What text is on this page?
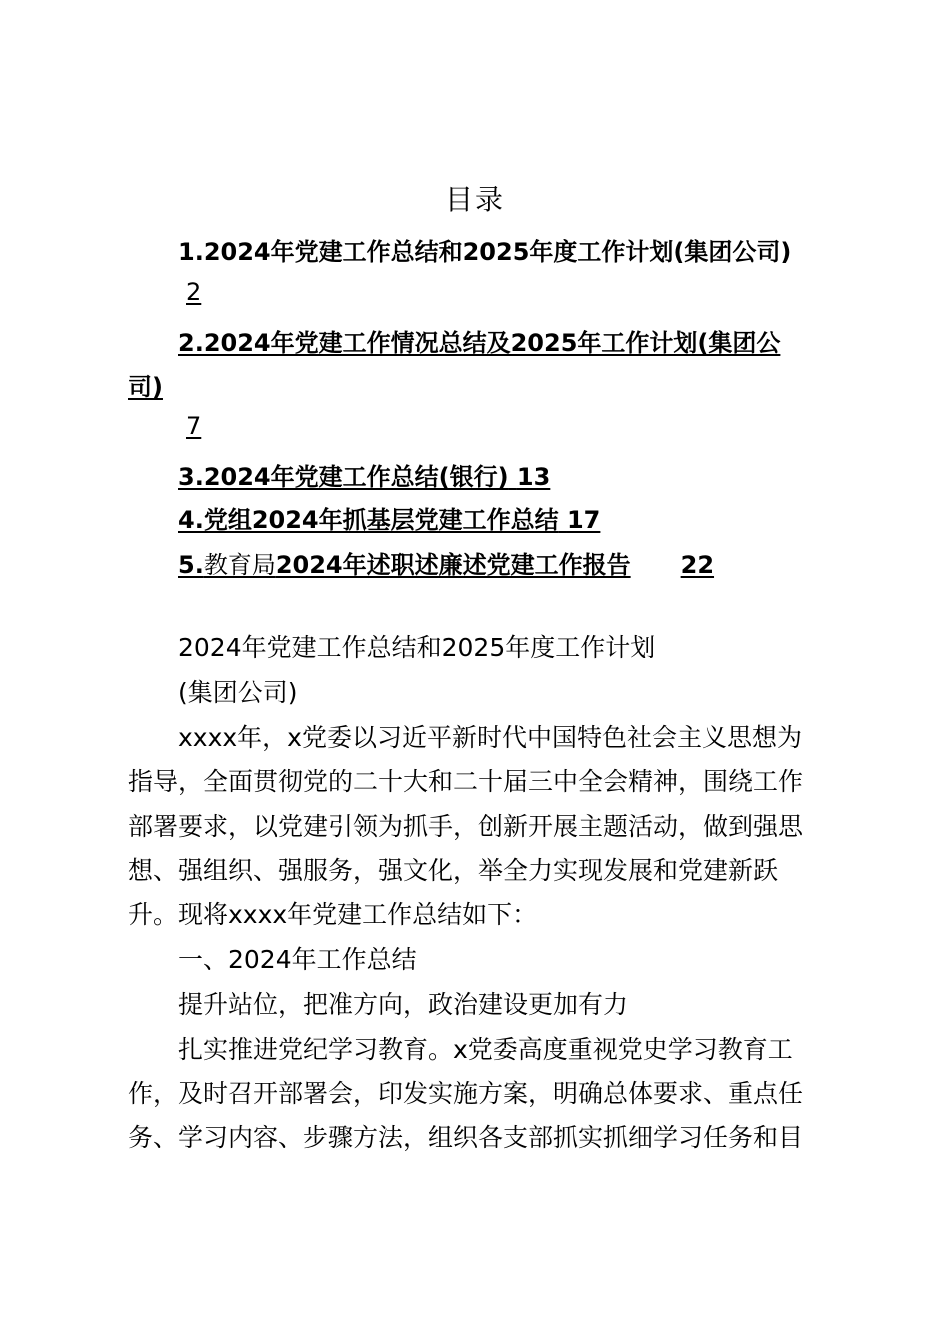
目录
1.2024年党建工作总结和2025年度工作计划(集团公司)
2
2.2024年党建工作情况总结及2025年工作计划(集团公
司)
7
3.2024年党建工作总结(银行) 13
4.党组2024年抓基层党建工作总结 17
5.教育局2024年述职述廉述党建工作报告 22
2024年党建工作总结和2025年度工作计划
(集团公司)
xxxx年，x党委以习近平新时代中国特色社会主义思想为
指导，全面贯彻党的二十大和二十届三中全会精神，围绕工作
部署要求，以党建引领为抓手，创新开展主题活动，做到强思
想、强组织、强服务，强文化，举全力实现发展和党建新跃
升。现将xxxx年党建工作总结如下：
一、2024年工作总结
提升站位，把准方向，政治建设更加有力
扎实推进党纪学习教育。x党委高度重视党史学习教育工
作，及时召开部署会，印发实施方案，明确总体要求、重点任
务、学习内容、步骤方法，组织各支部抓实抓细学习任务和目
